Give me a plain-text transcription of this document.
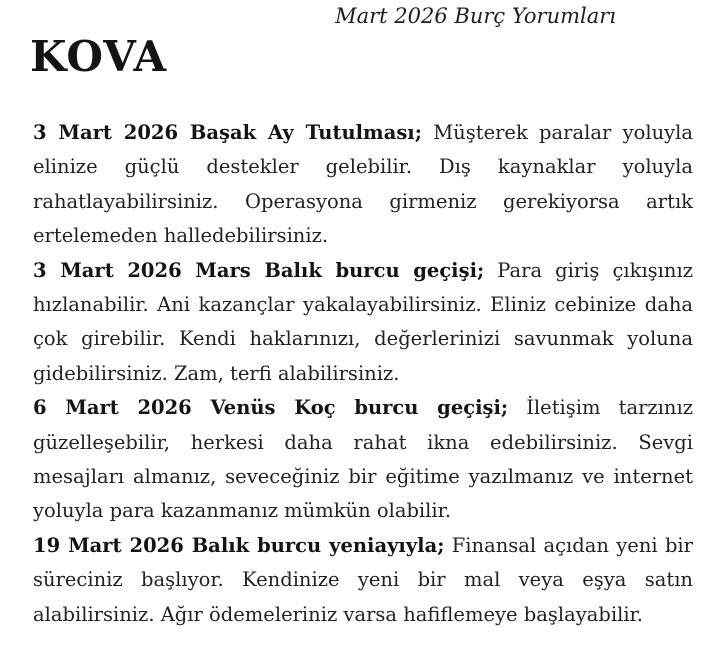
Mart 2026 Burç Yorumları
KOVA

3 Mart 2026 Başak Ay Tutulması; Müşterek paralar yoluyla elinize güçlü destekler gelebilir. Dış kaynaklar yoluyla rahatlayabilirsiniz. Operasyona girmeniz gerekiyorsa artık ertelemeden halledebilirsiniz.

3 Mart 2026 Mars Balık burcu geçişi; Para giriş çıkışınız hızlanabilir. Ani kazançlar yakalayabilirsiniz. Eliniz cebinize daha çok girebilir. Kendi haklarınızı, değerlerinizi savunmak yoluna gidebilirsiniz. Zam, terfi alabilirsiniz.

6 Mart 2026 Venüs Koç burcu geçişi; İletişim tarzınız güzelleşebilir, herkesi daha rahat ikna edebilirsiniz. Sevgi mesajları almanız, seveceğiniz bir eğitime yazılmanız ve internet yoluyla para kazanmanız mümkün olabilir.

19 Mart 2026 Balık burcu yeniayıyla; Finansal açıdan yeni bir süreciniz başlıyor. Kendinize yeni bir mal veya eşya satın alabilirsiniz. Ağır ödemeleriniz varsa hafiflemeye başlayabilir.
